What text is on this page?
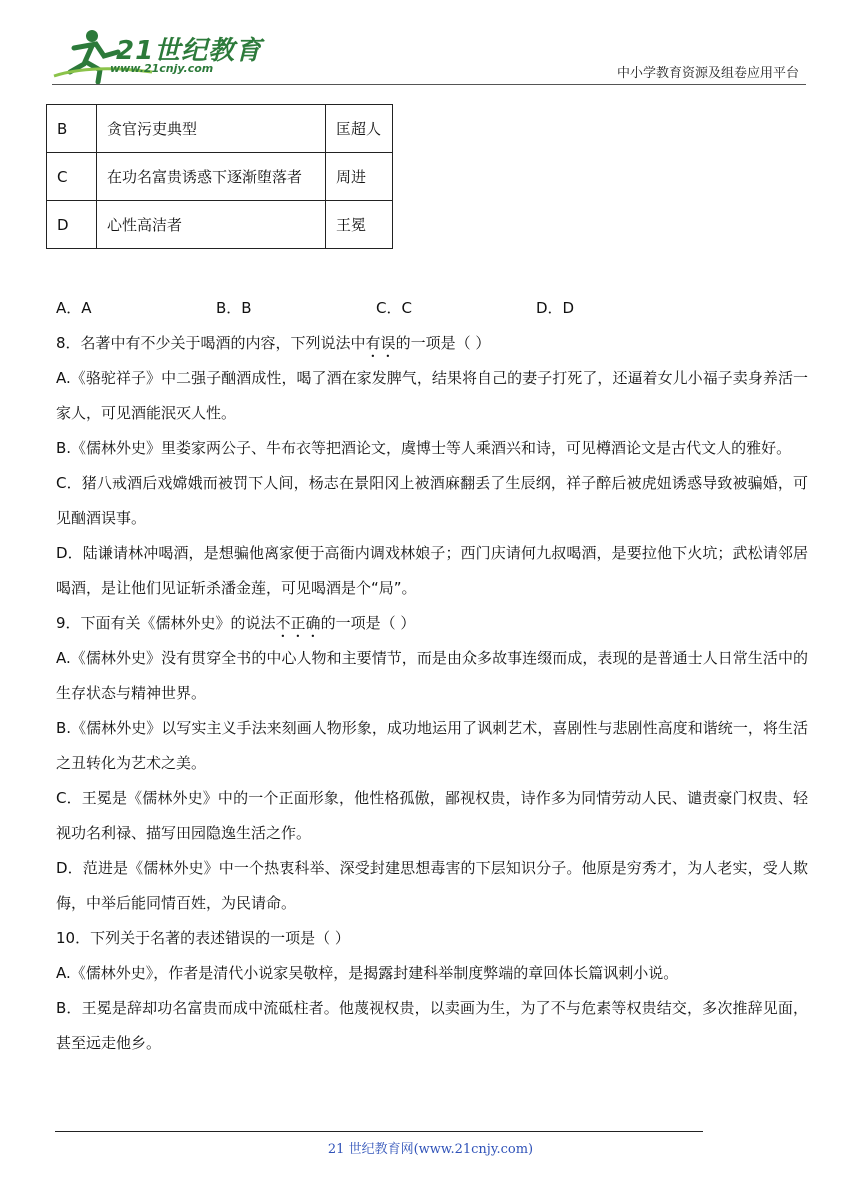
21世纪教育
www.21cnjy.com	中小学教育资源及组卷应用平台
B	贪官污吏典型	匡超人
C	在功名富贵诱惑下逐渐堕落者	周进
D	心性高洁者	王冕
A．A	B．B	C．C	D．D

8．名著中有不少关于喝酒的内容，下列说法中有误的一项是（ ）

A.《骆驼祥子》中二强子酗酒成性，喝了酒在家发脾气，结果将自己的妻子打死了，还逼着女儿小福子卖身养活一家人，可见酒能泯灭人性。

B.《儒林外史》里娄家两公子、牛布衣等把酒论文，虞博士等人乘酒兴和诗，可见樽酒论文是古代文人的雅好。

C．猪八戒酒后戏嫦娥而被罚下人间，杨志在景阳冈上被酒麻翻丢了生辰纲，祥子醉后被虎妞诱惑导致被骗婚，可见酗酒误事。

D．陆谦请林冲喝酒，是想骗他离家便于高衙内调戏林娘子；西门庆请何九叔喝酒，是要拉他下火坑；武松请邻居喝酒，是让他们见证斩杀潘金莲，可见喝酒是个“局”。

9．下面有关《儒林外史》的说法不正确的一项是（ ）

A.《儒林外史》没有贯穿全书的中心人物和主要情节，而是由众多故事连缀而成，表现的是普通士人日常生活中的生存状态与精神世界。

B.《儒林外史》以写实主义手法来刻画人物形象，成功地运用了讽刺艺术，喜剧性与悲剧性高度和谐统一，将生活之丑转化为艺术之美。

C．王冕是《儒林外史》中的一个正面形象，他性格孤傲，鄙视权贵，诗作多为同情劳动人民、谴责豪门权贵、轻视功名利禄、描写田园隐逸生活之作。

D．范进是《儒林外史》中一个热衷科举、深受封建思想毒害的下层知识分子。他原是穷秀才，为人老实，受人欺侮，中举后能同情百姓，为民请命。

10．下列关于名著的表述错误的一项是（ ）

A.《儒林外史》，作者是清代小说家吴敬梓，是揭露封建科举制度弊端的章回体长篇讽刺小说。

B．王冕是辞却功名富贵而成中流砥柱者。他蔑视权贵，以卖画为生，为了不与危素等权贵结交，多次推辞见面，甚至远走他乡。

21 世纪教育网(www.21cnjy.com)
